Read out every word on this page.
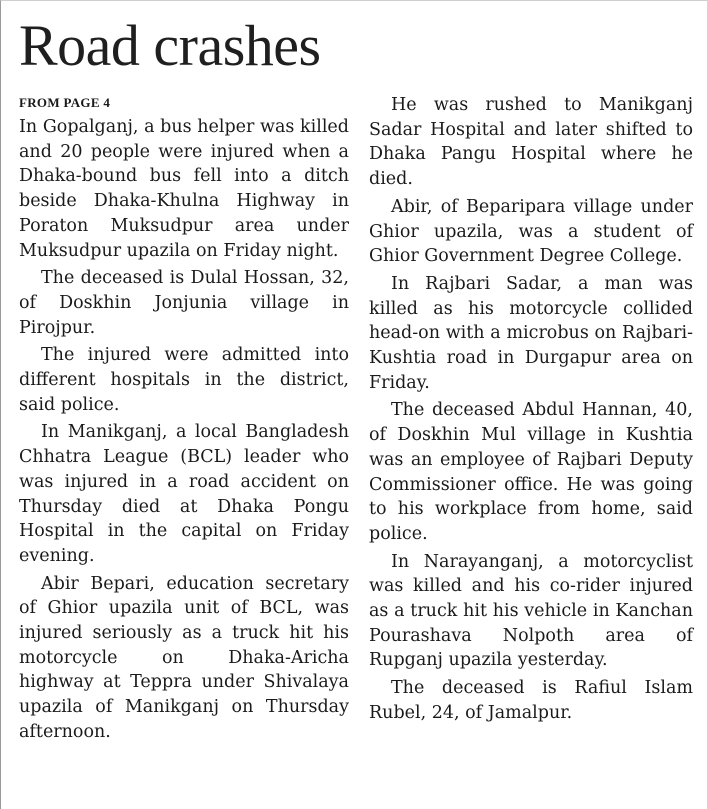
Road crashes
FROM PAGE 4

In Gopalganj, a bus helper was killed and 20 people were injured when a Dhaka-bound bus fell into a ditch beside Dhaka-Khulna Highway in Poraton Muksudpur area under Muksudpur upazila on Friday night.

The deceased is Dulal Hossan, 32, of Doskhin Jonjunia village in Pirojpur.

The injured were admitted into different hospitals in the district, said police.

In Manikganj, a local Bangladesh Chhatra League (BCL) leader who was injured in a road accident on Thursday died at Dhaka Pongu Hospital in the capital on Friday evening.

Abir Bepari, education secretary of Ghior upazila unit of BCL, was injured seriously as a truck hit his motorcycle on Dhaka-Aricha highway at Teppra under Shivalaya upazila of Manikganj on Thursday afternoon.

He was rushed to Manikganj Sadar Hospital and later shifted to Dhaka Pangu Hospital where he died.

Abir, of Beparipara village under Ghior upazila, was a student of Ghior Government Degree College.

In Rajbari Sadar, a man was killed as his motorcycle collided head-on with a microbus on Rajbari-Kushtia road in Durgapur area on Friday.

The deceased Abdul Hannan, 40, of Doskhin Mul village in Kushtia was an employee of Rajbari Deputy Commissioner office. He was going to his workplace from home, said police.

In Narayanganj, a motorcyclist was killed and his co-rider injured as a truck hit his vehicle in Kanchan Pourashava Nolpoth area of Rupganj upazila yesterday.

The deceased is Rafiul Islam Rubel, 24, of Jamalpur.
